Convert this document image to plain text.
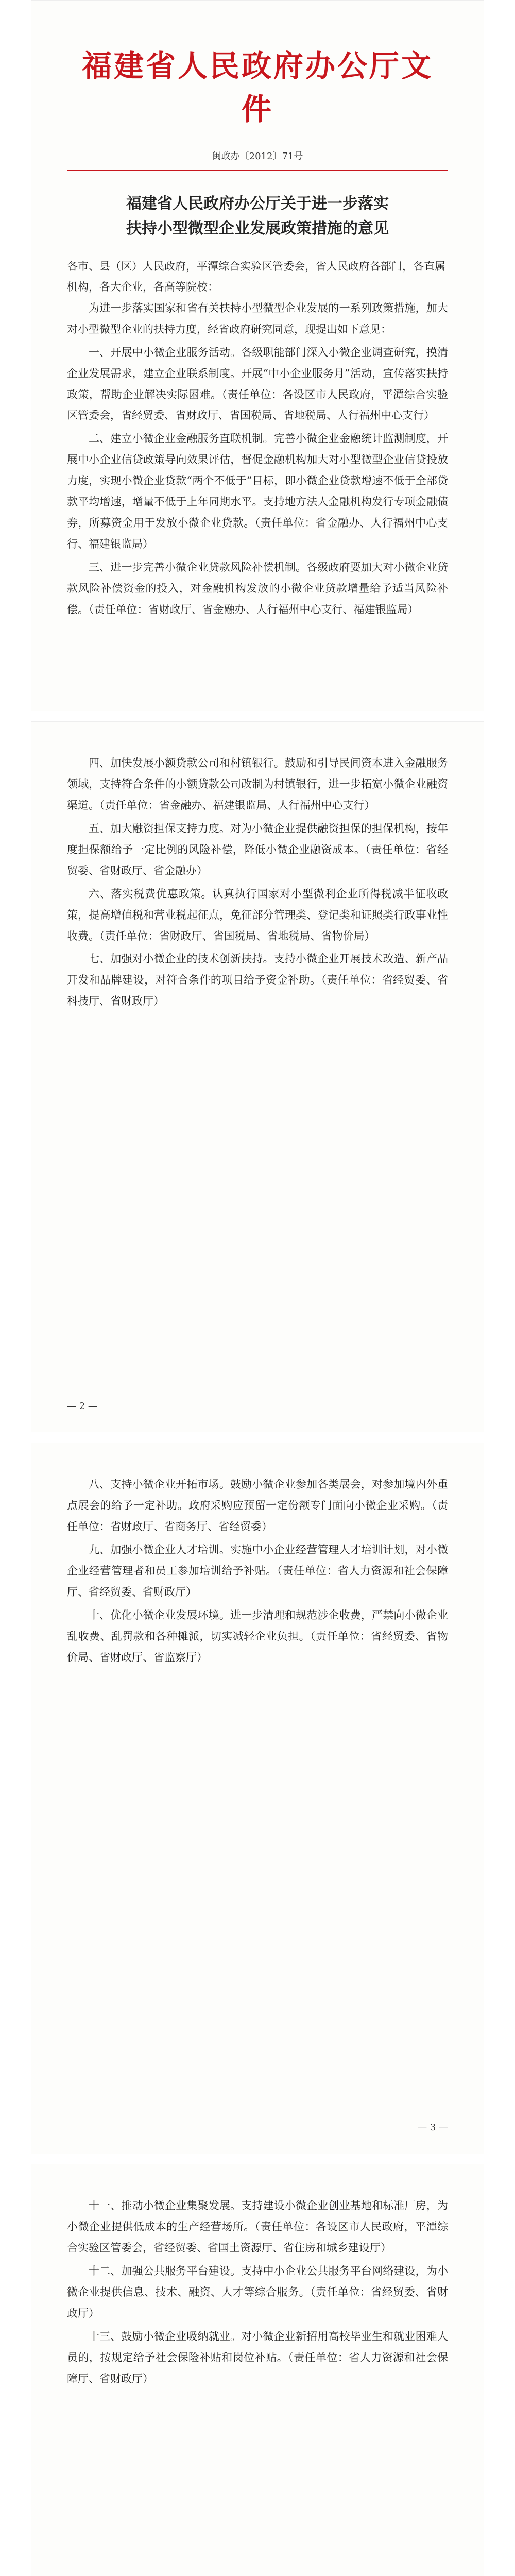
福建省人民政府办公厅文件
闽政办〔2012〕71号
福建省人民政府办公厅关于进一步落实
扶持小型微型企业发展政策措施的意见
各市、县（区）人民政府，平潭综合实验区管委会，省人民政府各部门，各直属机构，各大企业，各高等院校：

为进一步落实国家和省有关扶持小型微型企业发展的一系列政策措施，加大对小型微型企业的扶持力度，经省政府研究同意，现提出如下意见：

一、开展中小微企业服务活动。各级职能部门深入小微企业调查研究，摸清企业发展需求，建立企业联系制度。开展“中小企业服务月”活动，宣传落实扶持政策，帮助企业解决实际困难。（责任单位：各设区市人民政府，平潭综合实验区管委会，省经贸委、省财政厅、省国税局、省地税局、人行福州中心支行）

二、建立小微企业金融服务直联机制。完善小微企业金融统计监测制度，开展中小企业信贷政策导向效果评估，督促金融机构加大对小型微型企业信贷投放力度，实现小微企业贷款“两个不低于”目标，即小微企业贷款增速不低于全部贷款平均增速，增量不低于上年同期水平。支持地方法人金融机构发行专项金融债券，所募资金用于发放小微企业贷款。（责任单位：省金融办、人行福州中心支行、福建银监局）

三、进一步完善小微企业贷款风险补偿机制。各级政府要加大对小微企业贷款风险补偿资金的投入，对金融机构发放的小微企业贷款增量给予适当风险补偿。（责任单位：省财政厅、省金融办、人行福州中心支行、福建银监局）

四、加快发展小额贷款公司和村镇银行。鼓励和引导民间资本进入金融服务领域，支持符合条件的小额贷款公司改制为村镇银行，进一步拓宽小微企业融资渠道。（责任单位：省金融办、福建银监局、人行福州中心支行）

五、加大融资担保支持力度。对为小微企业提供融资担保的担保机构，按年度担保额给予一定比例的风险补偿，降低小微企业融资成本。（责任单位：省经贸委、省财政厅、省金融办）

六、落实税费优惠政策。认真执行国家对小型微利企业所得税减半征收政策，提高增值税和营业税起征点，免征部分管理类、登记类和证照类行政事业性收费。（责任单位：省财政厅、省国税局、省地税局、省物价局）

七、加强对小微企业的技术创新扶持。支持小微企业开展技术改造、新产品开发和品牌建设，对符合条件的项目给予资金补助。（责任单位：省经贸委、省科技厅、省财政厅）

— 2 —

八、支持小微企业开拓市场。鼓励小微企业参加各类展会，对参加境内外重点展会的给予一定补助。政府采购应预留一定份额专门面向小微企业采购。（责任单位：省财政厅、省商务厅、省经贸委）

九、加强小微企业人才培训。实施中小企业经营管理人才培训计划，对小微企业经营管理者和员工参加培训给予补贴。（责任单位：省人力资源和社会保障厅、省经贸委、省财政厅）

十、优化小微企业发展环境。进一步清理和规范涉企收费，严禁向小微企业乱收费、乱罚款和各种摊派，切实减轻企业负担。（责任单位：省经贸委、省物价局、省财政厅、省监察厅）

— 3 —

十一、推动小微企业集聚发展。支持建设小微企业创业基地和标准厂房，为小微企业提供低成本的生产经营场所。（责任单位：各设区市人民政府，平潭综合实验区管委会，省经贸委、省国土资源厅、省住房和城乡建设厅）

十二、加强公共服务平台建设。支持中小企业公共服务平台网络建设，为小微企业提供信息、技术、融资、人才等综合服务。（责任单位：省经贸委、省财政厅）

十三、鼓励小微企业吸纳就业。对小微企业新招用高校毕业生和就业困难人员的，按规定给予社会保险补贴和岗位补贴。（责任单位：省人力资源和社会保障厅、省财政厅）
